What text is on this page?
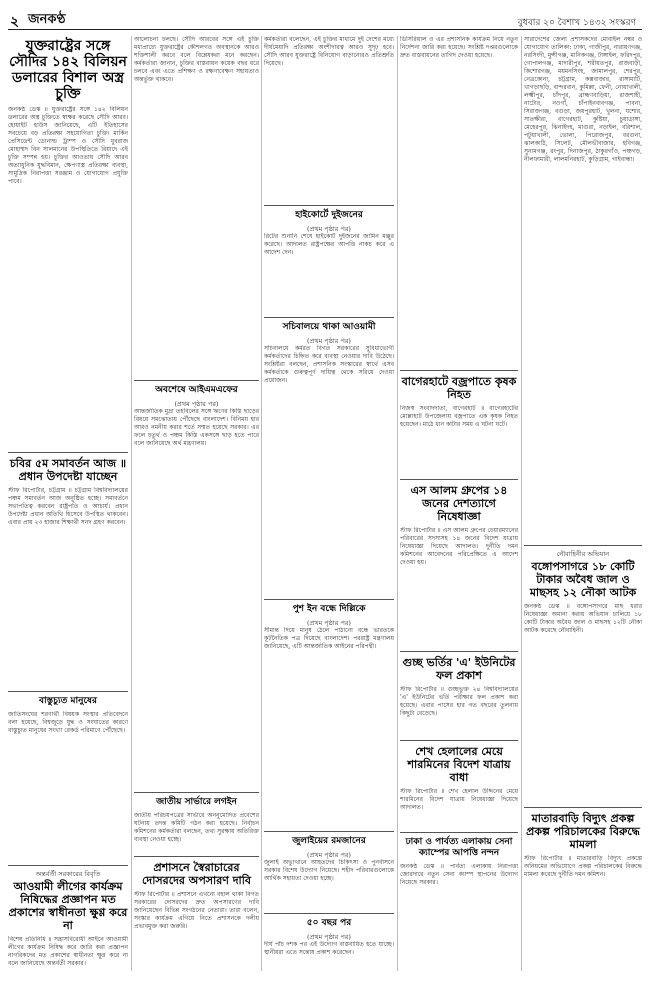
২ জনকণ্ঠ	বুধবার ২০ বৈশাখ ১৪৩২ সংস্করণ
যুক্তরাষ্ট্রের সঙ্গে সৌদির ১৪২ বিলিয়ন ডলারের বিশাল অস্ত্র চুক্তি
জনকণ্ঠ ডেস্ক ॥ যুক্তরাষ্ট্রের সঙ্গে ১৪২ বিলিয়ন ডলারের অস্ত্র চুক্তিতে স্বাক্ষর করেছে সৌদি আরব। হোয়াইট হাউস জানিয়েছে, এটি ইতিহাসের সবচেয়ে বড় প্রতিরক্ষা সহযোগিতা চুক্তি। মার্কিন প্রেসিডেন্ট ডোনাল্ড ট্রাম্প ও সৌদি যুবরাজ মোহাম্মদ বিন সালমানের উপস্থিতিতে রিয়াদে এই চুক্তি সম্পন্ন হয়। চুক্তির আওতায় সৌদি আরব অত্যাধুনিক যুদ্ধবিমান, ক্ষেপণাস্ত্র প্রতিরক্ষা ব্যবস্থা, সামুদ্রিক নিরাপত্তা সরঞ্জাম ও যোগাযোগ প্রযুক্তি পাবে।
চবির ৫ম সমাবর্তন আজ ॥ প্রধান উপদেষ্টা যাচ্ছেন
স্টাফ রিপোর্টার, চট্টগ্রাম ॥ চট্টগ্রাম বিশ্ববিদ্যালয়ের পঞ্চম সমাবর্তন আজ অনুষ্ঠিত হচ্ছে। সমাবর্তনে সভাপতিত্ব করবেন রাষ্ট্রপতি ও আচার্য। প্রধান উপদেষ্টা প্রধান অতিথি হিসেবে উপস্থিত থাকবেন। এবার প্রায় ২৩ হাজার শিক্ষার্থী সনদ গ্রহণ করবেন।
বাস্তুচ্যুত মানুষের
জাতিসংঘের শরণার্থী বিষয়ক সংস্থার প্রতিবেদনে বলা হয়েছে, বিশ্বজুড়ে যুদ্ধ ও সংঘাতের কারণে বাস্তুচ্যুত মানুষের সংখ্যা রেকর্ড পরিমাণে পৌঁছেছে।
অন্তর্বর্তী সরকারের বিবৃতি
আওয়ামী লীগের কার্যক্রম নিষিদ্ধের প্রজ্ঞাপন মত প্রকাশের স্বাধীনতা ক্ষুণ্ণ করে না
বিশেষ প্রতিনিধি ॥ সন্ত্রাসবিরোধী আইনে আওয়ামী লীগের কার্যক্রম নিষিদ্ধ করে জারি করা প্রজ্ঞাপন নাগরিকদের মত প্রকাশের স্বাধীনতা ক্ষুণ্ণ করে না বলে জানিয়েছে অন্তর্বর্তী সরকার।
আলোচনা চলছে। সৌদি আরবের সঙ্গে এই চুক্তি মধ্যপ্রাচ্যে যুক্তরাষ্ট্রের কৌশলগত অবস্থানকে আরও শক্তিশালী করবে বলে বিশ্লেষকরা মনে করছেন। কর্মকর্তারা জানান, চুক্তির বাস্তবায়ন কয়েক বছর ধরে চলবে এবং এতে প্রশিক্ষণ ও রক্ষণাবেক্ষণ সহায়তাও অন্তর্ভুক্ত থাকবে।
অবশেষে আইএমএফের
(প্রথম পৃষ্ঠার পর)
আন্তর্জাতিক মুদ্রা তহবিলের সঙ্গে ঋণের কিস্তি ছাড়ের বিষয়ে সমঝোতায় পৌঁছেছে বাংলাদেশ। বিনিময় হার আরও নমনীয় করার শর্তে সম্মত হয়েছে সরকার। এর ফলে চতুর্থ ও পঞ্চম কিস্তি একসঙ্গে ছাড় হতে পারে বলে জানিয়েছে অর্থ মন্ত্রণালয়।
জাতীয় সার্ভারে লগইন
জাতীয় পরিচয়পত্রের সার্ভারে অননুমোদিত প্রবেশের ঘটনায় তদন্ত কমিটি গঠন করা হয়েছে। নির্বাচন কমিশনের কর্মকর্তারা বলছেন, তথ্য সুরক্ষায় অতিরিক্ত ব্যবস্থা নেওয়া হচ্ছে।
প্রশাসনে স্বৈরাচারের দোসরদের অপসারণ দাবি
স্টাফ রিপোর্টার ॥ প্রশাসনে এখনো বহাল থাকা বিগত সরকারের দোসরদের দ্রুত অপসারণের দাবি জানিয়েছেন বিভিন্ন সংগঠনের নেতারা। তারা বলেন, সংস্কার কার্যক্রম এগিয়ে নিতে প্রশাসনকে দলীয় প্রভাবমুক্ত করা জরুরি।
কর্মকর্তারা বলেছেন, এই চুক্তির মাধ্যমে দুই দেশের মধ্যে দীর্ঘমেয়াদি প্রতিরক্ষা অংশীদারত্ব আরও সুদৃঢ় হবে। সৌদি আরব যুক্তরাষ্ট্রে বিনিয়োগ বাড়ানোরও প্রতিশ্রুতি দিয়েছে।
হাইকোর্টে দুইজনের
(প্রথম পৃষ্ঠার পর)
রিটের শুনানি শেষে হাইকোর্ট দুইজনের জামিন মঞ্জুর করেছে। আদালত রাষ্ট্রপক্ষের আপত্তি নাকচ করে এ আদেশ দেন।
সচিবালয়ে থাকা আওয়ামী
(প্রথম পৃষ্ঠার পর)
সচিবালয়ে কর্মরত বিগত সরকারের সুবিধাভোগী কর্মকর্তাদের চিহ্নিত করে ব্যবস্থা নেওয়ার দাবি উঠেছে। সংশ্লিষ্টরা বলছেন, প্রশাসনিক সংস্কারের স্বার্থে এসব কর্মকর্তাকে গুরুত্বপূর্ণ দায়িত্ব থেকে সরিয়ে দেওয়া প্রয়োজন।
পুশ ইন বন্ধে দিল্লিকে
(প্রথম পৃষ্ঠার পর)
সীমান্ত দিয়ে মানুষ ঠেলে পাঠানো বন্ধে ভারতকে কূটনৈতিক পত্র দিয়েছে বাংলাদেশ। পররাষ্ট্র মন্ত্রণালয় জানিয়েছে, এটি আন্তর্জাতিক আইনের পরিপন্থী।
জুলাইয়ের রমজানের
(প্রথম পৃষ্ঠার পর)
জুলাই অভ্যুত্থানে আহতদের চিকিৎসা ও পুনর্বাসনে সরকার বিশেষ উদ্যোগ নিয়েছে। শহীদ পরিবারগুলোকে আর্থিক সহায়তা দেওয়া হচ্ছে।
৫০ বছর পর
(প্রথম পৃষ্ঠার পর)
দীর্ঘ পাঁচ দশক পর এই উদ্যোগ বাস্তবায়িত হতে যাচ্ছে। স্থানীয়রা এতে সন্তোষ প্রকাশ করেছেন।
ডিসিরিয়াল ও এর প্রশাসনিক কার্যক্রম নিয়ে নতুন নির্দেশনা জারি করা হয়েছে। সংশ্লিষ্ট দপ্তরগুলোকে দ্রুত বাস্তবায়নের তাগিদ দেওয়া হয়েছে।
বাগেরহাটে বজ্রপাতে কৃষক নিহত
নিজস্ব সংবাদদাতা, বাগেরহাট ॥ বাগেরহাটের মোল্লাহাট উপজেলায় বজ্রপাতে এক কৃষক নিহত হয়েছেন। মাঠে ধান কাটার সময় এ ঘটনা ঘটে।
এস আলম গ্রুপের ১৪ জনের দেশত্যাগে নিষেধাজ্ঞা
স্টাফ রিপোর্টার ॥ এস আলম গ্রুপের চেয়ারম্যানের পরিবারের সদস্যসহ ১৪ জনের বিদেশ যাত্রায় নিষেধাজ্ঞা দিয়েছে আদালত। দুর্নীতি দমন কমিশনের আবেদনের পরিপ্রেক্ষিতে এ আদেশ দেওয়া হয়।
গুচ্ছ ভর্তির 'এ' ইউনিটের ফল প্রকাশ
স্টাফ রিপোর্টার ॥ গুচ্ছভুক্ত ২৪ বিশ্ববিদ্যালয়ের 'এ' ইউনিটের ভর্তি পরীক্ষার ফল প্রকাশ করা হয়েছে। এবার পাসের হার গত বছরের তুলনায় কিছুটা বেড়েছে।
শেখ হেলালের মেয়ে শারমিনের বিদেশ যাত্রায় বাধা
স্টাফ রিপোর্টার ॥ শেখ হেলাল উদ্দিনের মেয়ে শারমিনের বিদেশ যাত্রায় নিষেধাজ্ঞা দিয়েছে আদালত।
ঢাকা ও পার্বত্য এলাকায় সেনা ক্যাম্পের আপত্তি নন্দন
জনকণ্ঠ ডেস্ক ॥ পার্বত্য এলাকায় নিরাপত্তা জোরদারে নতুন সেনা ক্যাম্প স্থাপনের উদ্যোগ নিয়েছে সরকার।
সারাদেশের জেলা প্রশাসকদের মোবাইল নম্বর ও যোগাযোগ তালিকা: ঢাকা, গাজীপুর, নারায়ণগঞ্জ, নরসিংদী, মুন্সীগঞ্জ, মানিকগঞ্জ, টাঙ্গাইল, ফরিদপুর, গোপালগঞ্জ, মাদারীপুর, শরীয়তপুর, রাজবাড়ী, কিশোরগঞ্জ, ময়মনসিংহ, জামালপুর, শেরপুর, নেত্রকোনা, চট্টগ্রাম, কক্সবাজার, রাঙ্গামাটি, খাগড়াছড়ি, বান্দরবান, কুমিল্লা, ফেনী, নোয়াখালী, লক্ষ্মীপুর, চাঁদপুর, ব্রাহ্মণবাড়িয়া, রাজশাহী, নাটোর, নওগাঁ, চাঁপাইনবাবগঞ্জ, পাবনা, সিরাজগঞ্জ, বগুড়া, জয়পুরহাট, খুলনা, যশোর, সাতক্ষীরা, বাগেরহাট, কুষ্টিয়া, চুয়াডাঙ্গা, মেহেরপুর, ঝিনাইদহ, মাগুরা, নড়াইল, বরিশাল, পটুয়াখালী, ভোলা, পিরোজপুর, বরগুনা, ঝালকাঠি, সিলেট, মৌলভীবাজার, হবিগঞ্জ, সুনামগঞ্জ, রংপুর, দিনাজপুর, ঠাকুরগাঁও, পঞ্চগড়, নীলফামারী, লালমনিরহাট, কুড়িগ্রাম, গাইবান্ধা।
নৌবাহিনীর অভিযান
বঙ্গোপসাগরে ১৮ কোটি টাকার অবৈধ জাল ও মাছসহ ১২ নৌকা আটক
জনকণ্ঠ ডেস্ক ॥ বঙ্গোপসাগরে মাছ ধরার নিষেধাজ্ঞা অমান্য করায় অভিযান চালিয়ে ১৮ কোটি টাকার অবৈধ জাল ও মাছসহ ১২টি নৌকা আটক করেছে নৌবাহিনী।
মাতারবাড়ি বিদ্যুৎ প্রকল্প প্রকল্প পরিচালকের বিরুদ্ধে মামলা
স্টাফ রিপোর্টার ॥ মাতারবাড়ি বিদ্যুৎ প্রকল্পে অনিয়মের অভিযোগে প্রকল্প পরিচালকের বিরুদ্ধে মামলা করেছে দুর্নীতি দমন কমিশন।
